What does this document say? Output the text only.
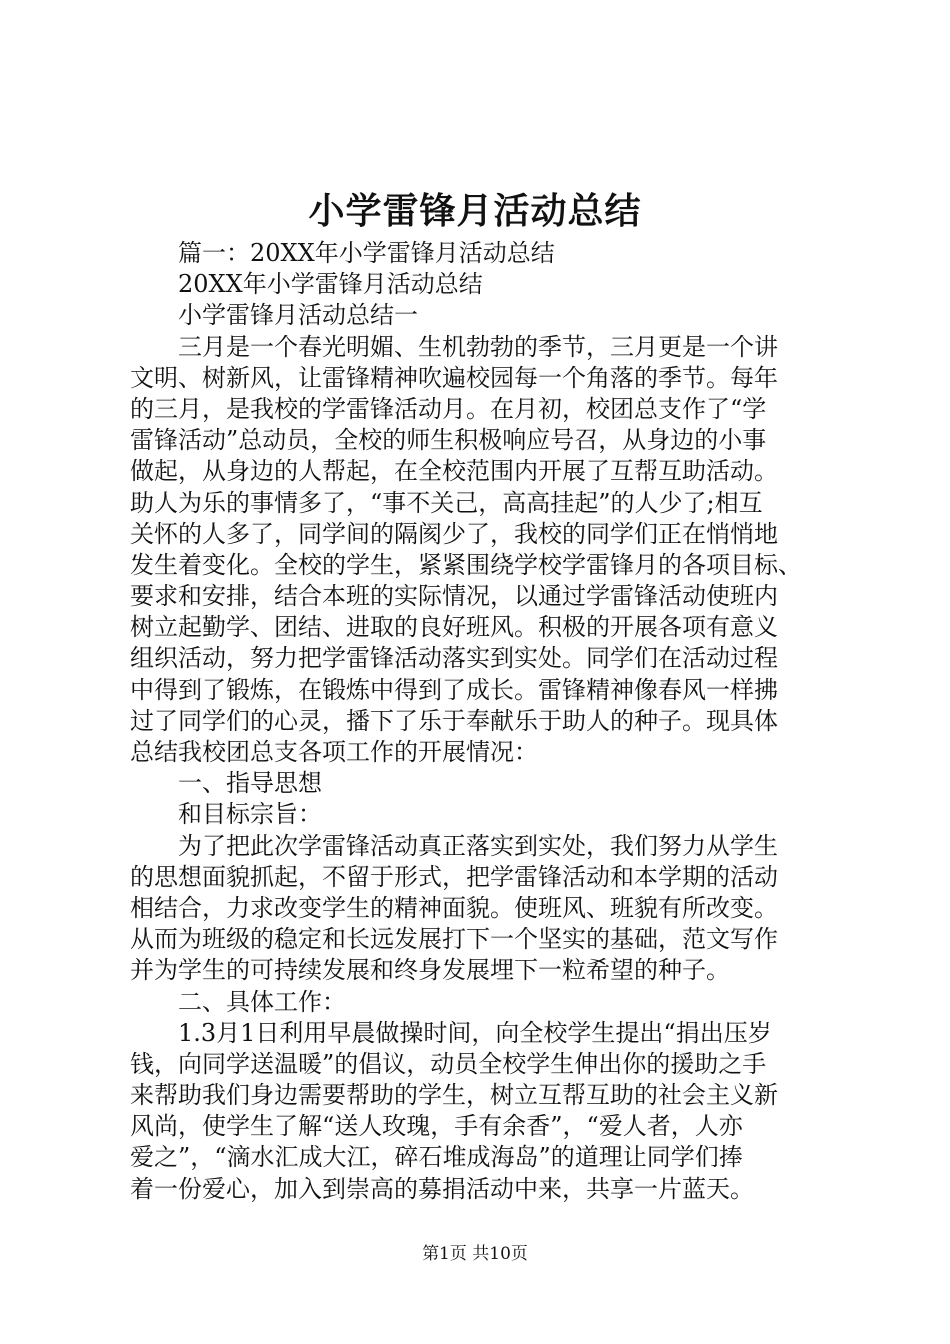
小学雷锋月活动总结
篇一：20XX年小学雷锋月活动总结
20XX年小学雷锋月活动总结
小学雷锋月活动总结一
三月是一个春光明媚、生机勃勃的季节，三月更是一个讲
文明、树新风，让雷锋精神吹遍校园每一个角落的季节。每年
的三月，是我校的学雷锋活动月。在月初，校团总支作了“学
雷锋活动”总动员，全校的师生积极响应号召，从身边的小事
做起，从身边的人帮起，在全校范围内开展了互帮互助活动。
助人为乐的事情多了，“事不关己，高高挂起”的人少了;相互
关怀的人多了，同学间的隔阂少了，我校的同学们正在悄悄地
发生着变化。全校的学生，紧紧围绕学校学雷锋月的各项目标、
要求和安排，结合本班的实际情况，以通过学雷锋活动使班内
树立起勤学、团结、进取的良好班风。积极的开展各项有意义
组织活动，努力把学雷锋活动落实到实处。同学们在活动过程
中得到了锻炼，在锻炼中得到了成长。雷锋精神像春风一样拂
过了同学们的心灵，播下了乐于奉献乐于助人的种子。现具体
总结我校团总支各项工作的开展情况：
一、指导思想
和目标宗旨：
为了把此次学雷锋活动真正落实到实处，我们努力从学生
的思想面貌抓起，不留于形式，把学雷锋活动和本学期的活动
相结合，力求改变学生的精神面貌。使班风、班貌有所改变。
从而为班级的稳定和长远发展打下一个坚实的基础，范文写作
并为学生的可持续发展和终身发展埋下一粒希望的种子。
二、具体工作：
1.3月1日利用早晨做操时间，向全校学生提出“捐出压岁
钱，向同学送温暖”的倡议，动员全校学生伸出你的援助之手
来帮助我们身边需要帮助的学生，树立互帮互助的社会主义新
风尚，使学生了解“送人玫瑰，手有余香”，“爱人者，人亦
爱之”，“滴水汇成大江，碎石堆成海岛”的道理让同学们捧
着一份爱心，加入到崇高的募捐活动中来，共享一片蓝天。
第1页 共10页
